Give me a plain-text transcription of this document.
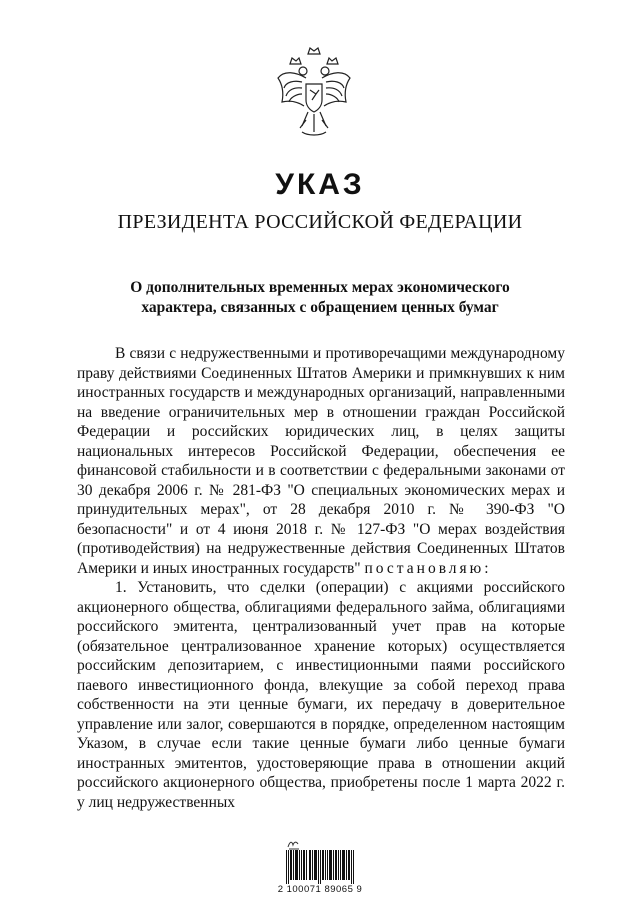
УКАЗ
ПРЕЗИДЕНТА РОССИЙСКОЙ ФЕДЕРАЦИИ
О дополнительных временных мерах экономического характера, связанных с обращением ценных бумаг

В связи с недружественными и противоречащими международному праву действиями Соединенных Штатов Америки и примкнувших к ним иностранных государств и международных организаций, направленными на введение ограничительных мер в отношении граждан Российской Федерации и российских юридических лиц, в целях защиты национальных интересов Российской Федерации, обеспечения ее финансовой стабильности и в соответствии с федеральными законами от 30 декабря 2006 г. № 281-ФЗ "О специальных экономических мерах и принудительных мерах", от 28 декабря 2010 г. № 390-ФЗ "О безопасности" и от 4 июня 2018 г. № 127-ФЗ "О мерах воздействия (противодействия) на недружественные действия Соединенных Штатов Америки и иных иностранных государств" постановляю:

1. Установить, что сделки (операции) с акциями российского акционерного общества, облигациями федерального займа, облигациями российского эмитента, централизованный учет прав на которые (обязательное централизованное хранение которых) осуществляется российским депозитарием, с инвестиционными паями российского паевого инвестиционного фонда, влекущие за собой переход права собственности на эти ценные бумаги, их передачу в доверительное управление или залог, совершаются в порядке, определенном настоящим Указом, в случае если такие ценные бумаги либо ценные бумаги иностранных эмитентов, удостоверяющие права в отношении акций российского акционерного общества, приобретены после 1 марта 2022 г. у лиц недружественных

2 100071 89065 9
